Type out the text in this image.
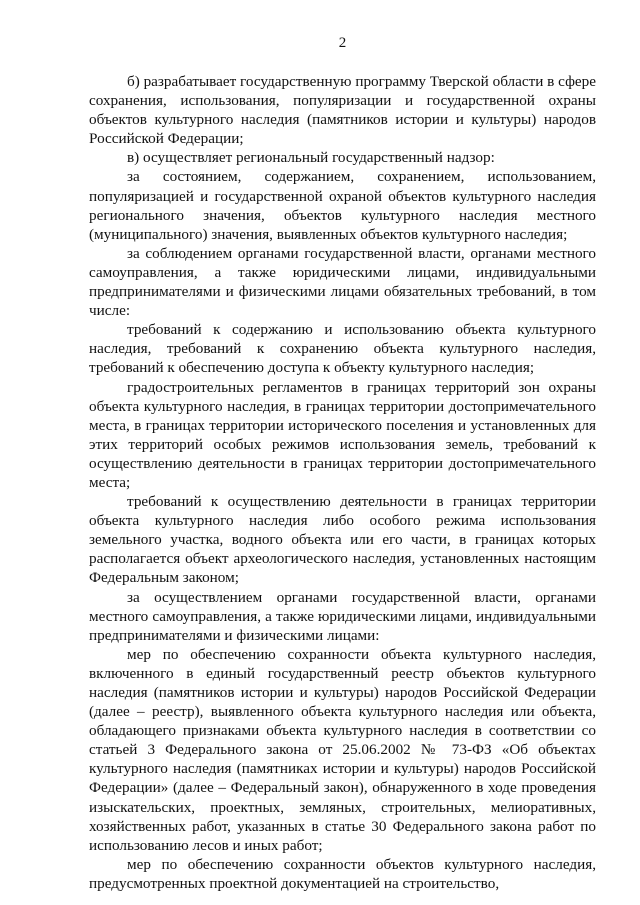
2

б) разрабатывает государственную программу Тверской области в сфере сохранения, использования, популяризации и государственной охраны объектов культурного наследия (памятников истории и культуры) народов Российской Федерации;

в) осуществляет региональный государственный надзор:

за состоянием, содержанием, сохранением, использованием, популяризацией и государственной охраной объектов культурного наследия регионального значения, объектов культурного наследия местного (муниципального) значения, выявленных объектов культурного наследия;

за соблюдением органами государственной власти, органами местного самоуправления, а также юридическими лицами, индивидуальными предпринимателями и физическими лицами обязательных требований, в том числе:

требований к содержанию и использованию объекта культурного наследия, требований к сохранению объекта культурного наследия, требований к обеспечению доступа к объекту культурного наследия;

градостроительных регламентов в границах территорий зон охраны объекта культурного наследия, в границах территории достопримечательного места, в границах территории исторического поселения и установленных для этих территорий особых режимов использования земель, требований к осуществлению деятельности в границах территории достопримечательного места;

требований к осуществлению деятельности в границах территории объекта культурного наследия либо особого режима использования земельного участка, водного объекта или его части, в границах которых располагается объект археологического наследия, установленных настоящим Федеральным законом;

за осуществлением органами государственной власти, органами местного самоуправления, а также юридическими лицами, индивидуальными предпринимателями и физическими лицами:

мер по обеспечению сохранности объекта культурного наследия, включенного в единый государственный реестр объектов культурного наследия (памятников истории и культуры) народов Российской Федерации (далее – реестр), выявленного объекта культурного наследия или объекта, обладающего признаками объекта культурного наследия в соответствии со статьей 3 Федерального закона от 25.06.2002 № 73-ФЗ «Об объектах культурного наследия (памятниках истории и культуры) народов Российской Федерации» (далее – Федеральный закон), обнаруженного в ходе проведения изыскательских, проектных, земляных, строительных, мелиоративных, хозяйственных работ, указанных в статье 30 Федерального закона работ по использованию лесов и иных работ;

мер по обеспечению сохранности объектов культурного наследия, предусмотренных проектной документацией на строительство,
